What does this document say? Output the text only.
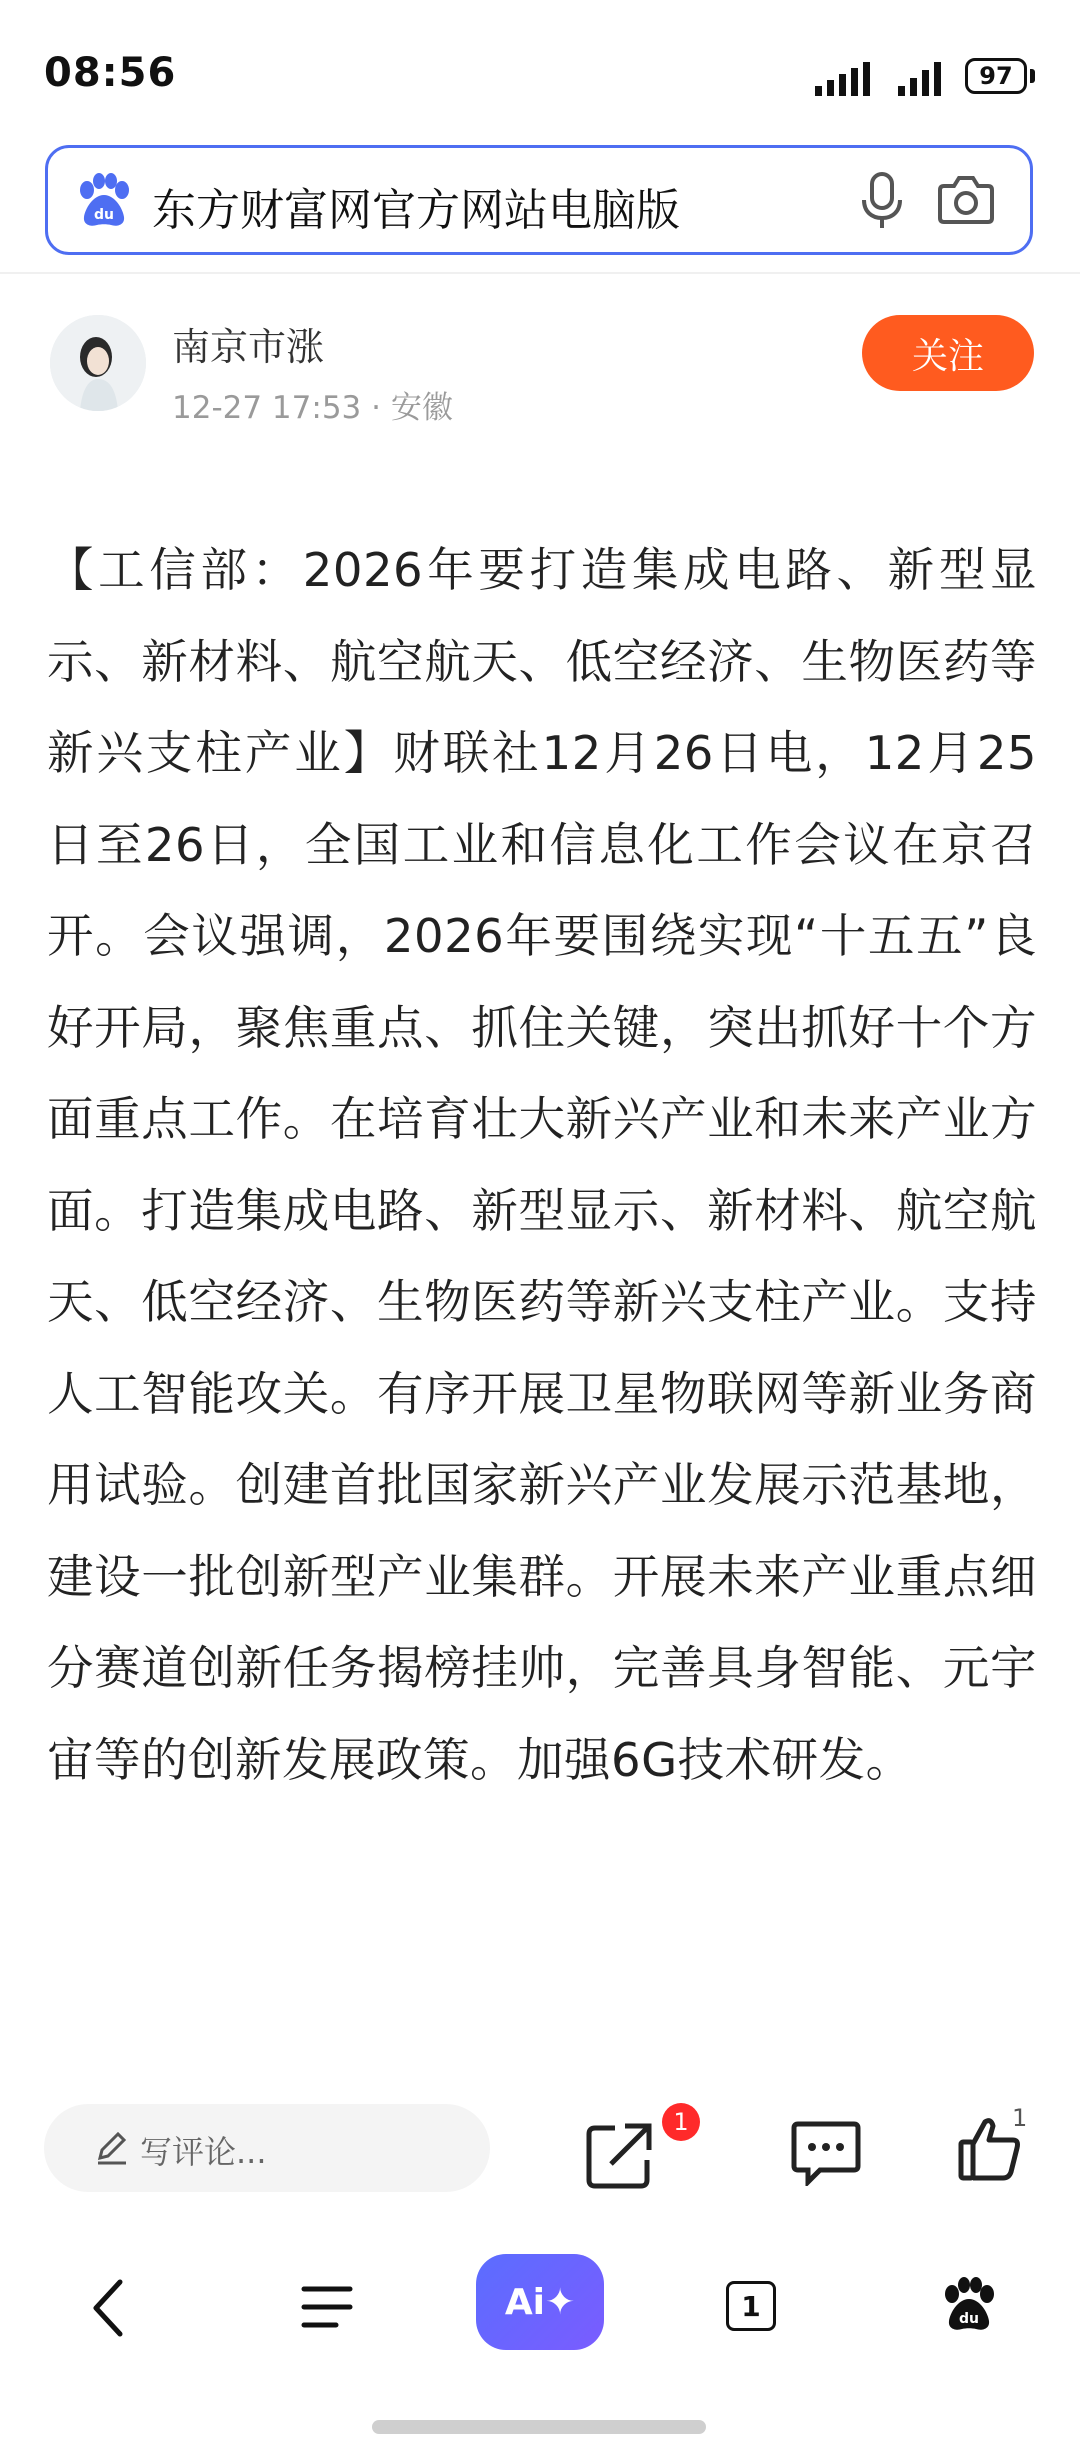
08:56	97
du 东方财富网官方网站电脑版
南京市涨
12-27 17:53 · 安徽
关注
【工信部：2026年要打造集成电路、新型显示、新材料、航空航天、低空经济、生物医药等新兴支柱产业】财联社12月26日电，12月25日至26日，全国工业和信息化工作会议在京召开。会议强调，2026年要围绕实现“十五五”良好开局，聚焦重点、抓住关键，突出抓好十个方面重点工作。在培育壮大新兴产业和未来产业方面。打造集成电路、新型显示、新材料、航空航天、低空经济、生物医药等新兴支柱产业。支持人工智能攻关。有序开展卫星物联网等新业务商用试验。创建首批国家新兴产业发展示范基地，建设一批创新型产业集群。开展未来产业重点细分赛道创新任务揭榜挂帅，完善具身智能、元宇宙等的创新发展政策。加强6G技术研发。
写评论...
1	1
Ai✦	1	du
